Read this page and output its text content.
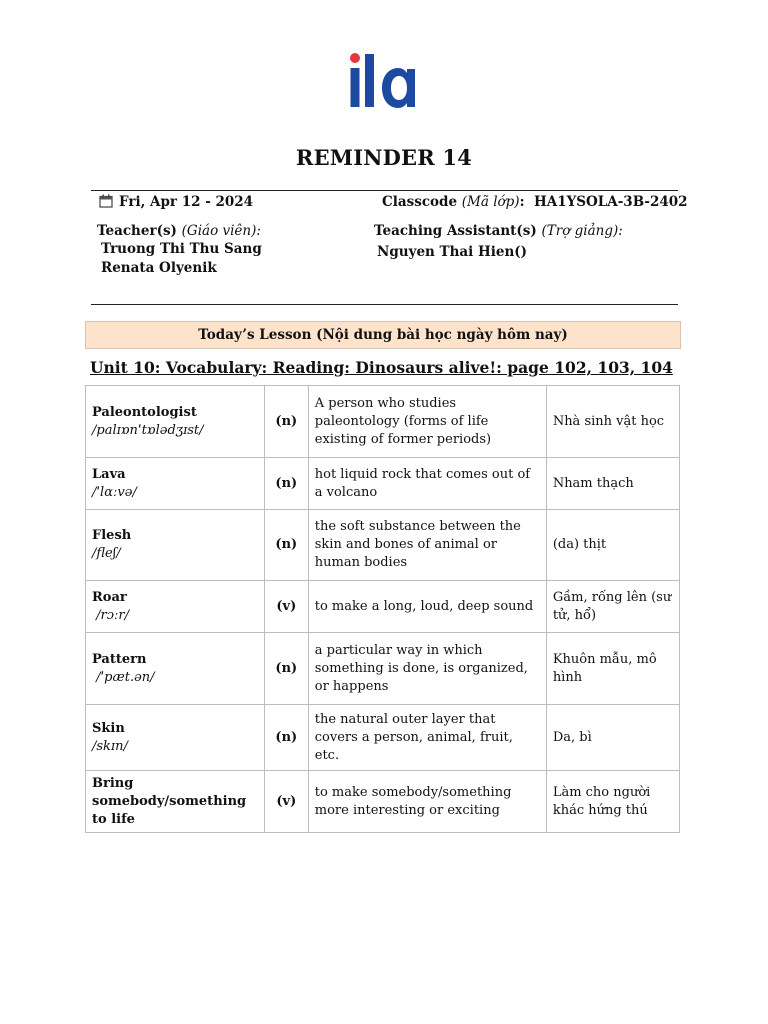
REMINDER 14
Fri, Apr 12 - 2024	Classcode (Mã lớp): HA1YSOLA-3B-2402
Teacher(s) (Giáo viên):
Truong Thi Thu Sang
Renata Olyenik
Teaching Assistant(s) (Trợ giảng):
Nguyen Thai Hien()
Today’s Lesson (Nội dung bài học ngày hôm nay)
Unit 10: Vocabulary: Reading: Dinosaurs alive!: page 102, 103, 104
Paleontologist
/palɪɒnˈtɒlədʒɪst/	(n)	A person who studies paleontology (forms of life existing of former periods)	Nhà sinh vật học

Lava
/ˈlɑːvə/	(n)	hot liquid rock that comes out of a volcano	Nham thạch

Flesh
/fleʃ/	(n)	the soft substance between the skin and bones of animal or human bodies	(da) thịt

Roar
/rɔːr/	(v)	to make a long, loud, deep sound	Gầm, rống lên (sư tử, hổ)

Pattern
/ˈpæt.ən/	(n)	a particular way in which something is done, is organized, or happens	Khuôn mẫu, mô hình

Skin
/skɪn/	(n)	the natural outer layer that covers a person, animal, fruit, etc.	Da, bì

Bring somebody/something to life	(v)	to make somebody/something more interesting or exciting	Làm cho người khác hứng thú
